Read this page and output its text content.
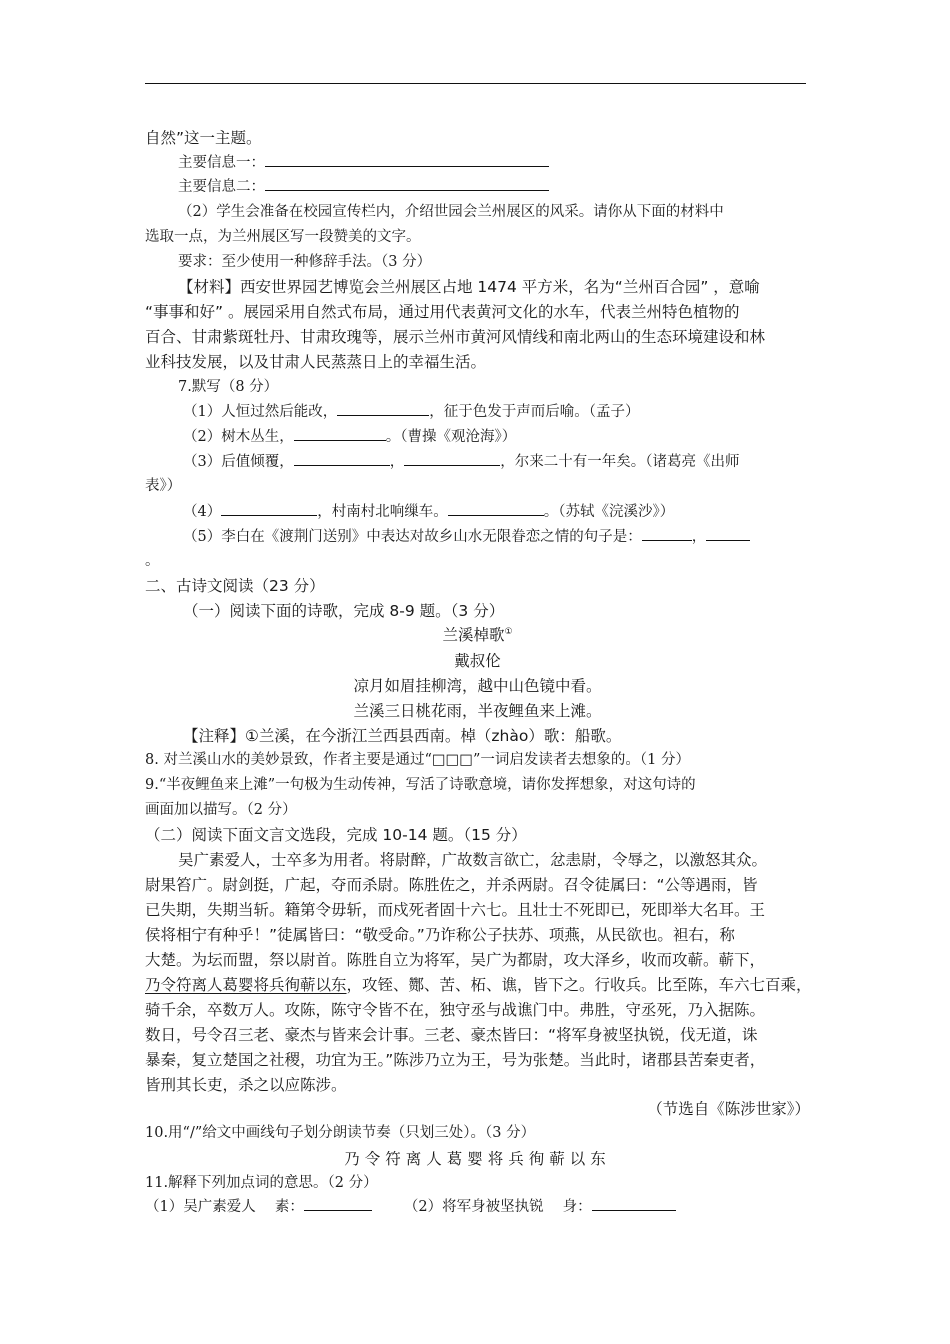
自然”这一主题。
主要信息一：
主要信息二：
（2）学生会准备在校园宣传栏内，介绍世园会兰州展区的风采。请你从下面的材料中
选取一点，为兰州展区写一段赞美的文字。
要求：至少使用一种修辞手法。（3 分）
【材料】西安世界园艺博览会兰州展区占地 1474 平方米，名为“兰州百合园” ，意喻
“事事和好” 。展园采用自然式布局，通过用代表黄河文化的水车，代表兰州特色植物的
百合、甘肃紫斑牡丹、甘肃玫瑰等，展示兰州市黄河风情线和南北两山的生态环境建设和林
业科技发展，以及甘肃人民蒸蒸日上的幸福生活。
7.默写（8 分）
（1）人恒过然后能改，	，征于色发于声而后喻。（孟子）
（2）树木丛生，	。（曹操《观沧海》）
（3）后值倾覆，	，	，尔来二十有一年矣。（诸葛亮《出师
表》）
（4）	，村南村北响缫车。	。（苏轼《浣溪沙》）
（5）李白在《渡荆门送别》中表达对故乡山水无限眷恋之情的句子是：	，
。
二、古诗文阅读（23 分）
（一）阅读下面的诗歌，完成 8-9 题。（3 分）
兰溪棹歌①
戴叔伦
凉月如眉挂柳湾，越中山色镜中看。
兰溪三日桃花雨，半夜鲤鱼来上滩。
【注释】①兰溪，在今浙江兰西县西南。棹（zhào）歌：船歌。
8. 对兰溪山水的美妙景致，作者主要是通过“□□□”一词启发读者去想象的。（1 分）
9.“半夜鲤鱼来上滩”一句极为生动传神，写活了诗歌意境，请你发挥想象，对这句诗的
画面加以描写。（2 分）
（二）阅读下面文言文选段，完成 10-14 题。（15 分）
吴广素爱人，士卒多为用者。将尉醉，广故数言欲亡，忿恚尉，令辱之，以激怒其众。
尉果笞广。尉剑挺，广起，夺而杀尉。陈胜佐之，并杀两尉。召令徒属曰：“公等遇雨，皆
已失期，失期当斩。籍第令毋斩，而戍死者固十六七。且壮士不死即已，死即举大名耳。王
侯将相宁有种乎！”徒属皆曰：“敬受命。”乃诈称公子扶苏、项燕，从民欲也。袒右，称
大楚。为坛而盟，祭以尉首。陈胜自立为将军，吴广为都尉，攻大泽乡，收而攻蕲。蕲下，
乃令符离人葛婴将兵徇蕲以东，攻铚、酂、苦、柘、谯，皆下之。行收兵。比至陈，车六七百乘，
骑千余，卒数万人。攻陈，陈守令皆不在，独守丞与战谯门中。弗胜，守丞死，乃入据陈。
数日，号令召三老、豪杰与皆来会计事。三老、豪杰皆曰：“将军身被坚执锐，伐无道，诛
暴秦，复立楚国之社稷，功宜为王。”陈涉乃立为王，号为张楚。当此时，诸郡县苦秦吏者，
皆刑其长吏，杀之以应陈涉。
（节选自《陈涉世家》）
10.用“/”给文中画线句子划分朗读节奏（只划三处）。（3 分）
乃令符离人葛婴将兵徇蕲以东
11.解释下列加点词的意思。（2 分）
（1）吴广素爱人　 素：	（2）将军身被坚执锐　 身：
